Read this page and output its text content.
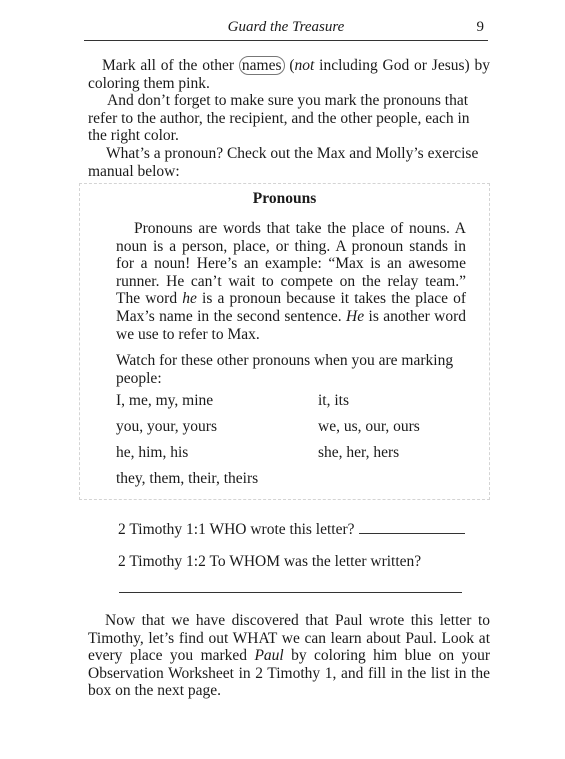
Guard the Treasure	9

Mark all of the other names (not including God or Jesus) by coloring them pink.

And don’t forget to make sure you mark the pronouns that refer to the author, the recipient, and the other people, each in the right color.

What’s a pronoun? Check out the Max and Molly’s exercise manual below:

Pronouns

Pronouns are words that take the place of nouns. A noun is a person, place, or thing. A pronoun stands in for a noun! Here’s an example: “Max is an awesome runner. He can’t wait to compete on the relay team.” The word he is a pronoun because it takes the place of Max’s name in the second sentence. He is another word we use to refer to Max.

Watch for these other pronouns when you are marking people:

I, me, my, mine	it, its
you, your, yours	we, us, our, ours
he, him, his	she, her, hers
they, them, their, theirs
2 Timothy 1:1 WHO wrote this letter?
2 Timothy 1:2 To WHOM was the letter written?

Now that we have discovered that Paul wrote this letter to Timothy, let’s find out WHAT we can learn about Paul. Look at every place you marked Paul by coloring him blue on your Observation Worksheet in 2 Timothy 1, and fill in the list in the box on the next page.
